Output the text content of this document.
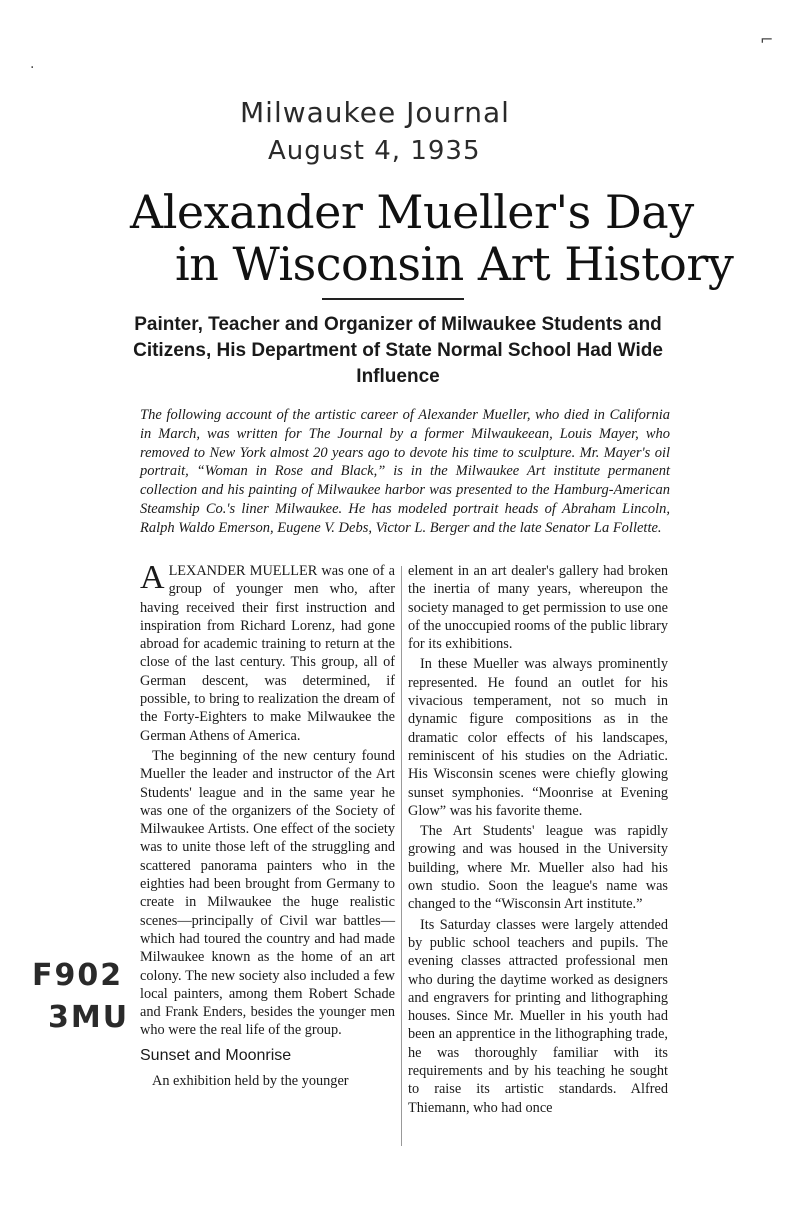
Milwaukee Journal
August 4, 1935
Alexander Mueller's Day
in Wisconsin Art History
Painter, Teacher and Organizer of Milwaukee Students and Citizens, His Department of State Normal School Had Wide Influence
The following account of the artistic career of Alexander Mueller, who died in California in March, was written for The Journal by a former Milwaukeean, Louis Mayer, who removed to New York almost 20 years ago to devote his time to sculpture. Mr. Mayer's oil portrait, “Woman in Rose and Black,” is in the Milwaukee Art institute permanent collection and his painting of Milwaukee harbor was presented to the Hamburg-American Steamship Co.'s liner Milwaukee. He has modeled portrait heads of Abraham Lincoln, Ralph Waldo Emerson, Eugene V. Debs, Victor L. Berger and the late Senator La Follette.

ALEXANDER MUELLER was one of a group of younger men who, after having received their first instruction and inspiration from Richard Lorenz, had gone abroad for academic training to return at the close of the last century. This group, all of German descent, was determined, if possible, to bring to realization the dream of the Forty-Eighters to make Milwaukee the German Athens of America.

The beginning of the new century found Mueller the leader and instructor of the Art Students' league and in the same year he was one of the organizers of the Society of Milwaukee Artists. One effect of the society was to unite those left of the struggling and scattered panorama painters who in the eighties had been brought from Germany to create in Milwaukee the huge realistic scenes—principally of Civil war battles—which had toured the country and had made Milwaukee known as the home of an art colony. The new society also included a few local painters, among them Robert Schade and Frank Enders, besides the younger men who were the real life of the group.

Sunset and Moonrise

An exhibition held by the younger

element in an art dealer's gallery had broken the inertia of many years, whereupon the society managed to get permission to use one of the unoccupied rooms of the public library for its exhibitions.

In these Mueller was always prominently represented. He found an outlet for his vivacious temperament, not so much in dynamic figure compositions as in the dramatic color effects of his landscapes, reminiscent of his studies on the Adriatic. His Wisconsin scenes were chiefly glowing sunset symphonies. “Moonrise at Evening Glow” was his favorite theme.

The Art Students' league was rapidly growing and was housed in the University building, where Mr. Mueller also had his own studio. Soon the league's name was changed to the “Wisconsin Art institute.”

Its Saturday classes were largely attended by public school teachers and pupils. The evening classes attracted professional men who during the daytime worked as designers and engravers for printing and lithographing houses. Since Mr. Mueller in his youth had been an apprentice in the lithographing trade, he was thoroughly familiar with its requirements and by his teaching he sought to raise its artistic standards. Alfred Thiemann, who had once

F902
3MU
⌐
·
